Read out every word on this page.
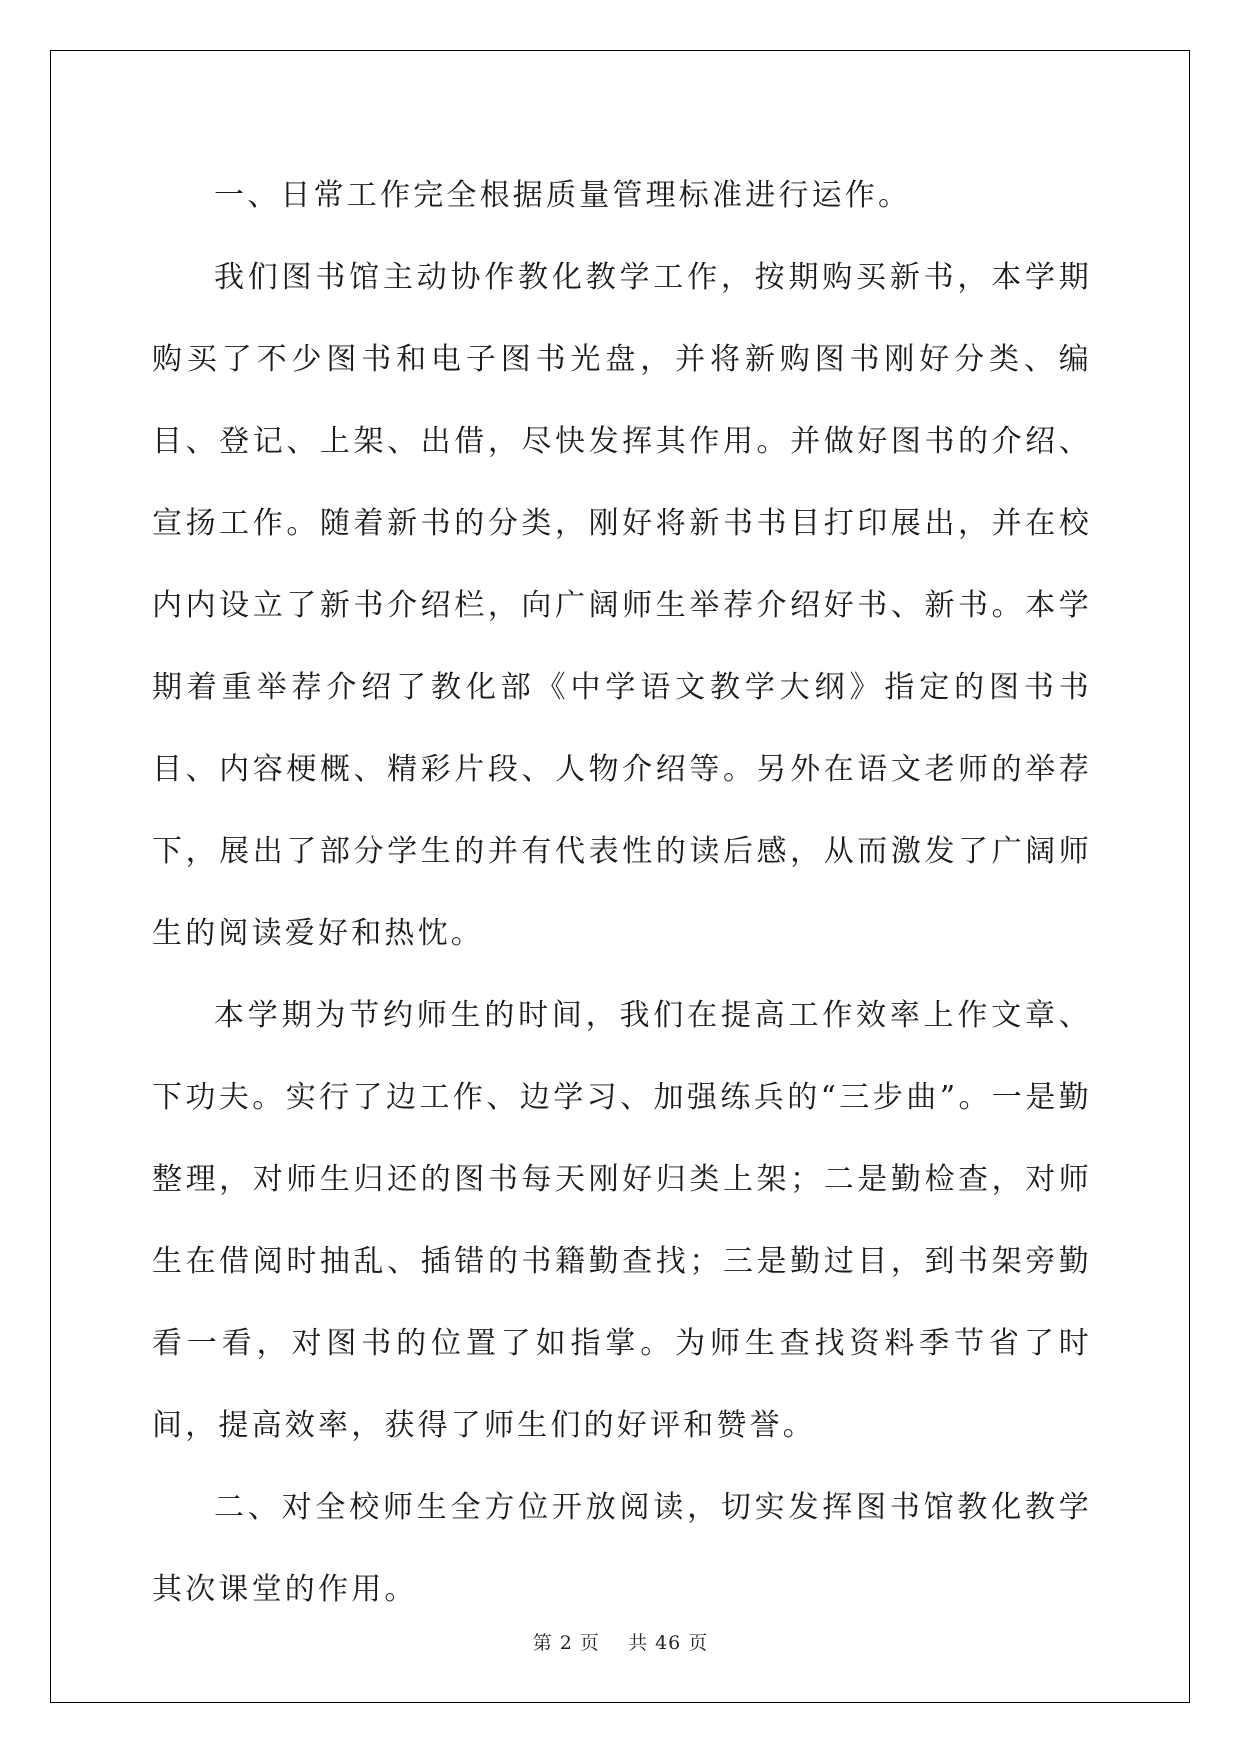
一、日常工作完全根据质量管理标准进行运作。

我们图书馆主动协作教化教学工作，按期购买新书，本学期购买了不少图书和电子图书光盘，并将新购图书刚好分类、编目、登记、上架、出借，尽快发挥其作用。并做好图书的介绍、宣扬工作。随着新书的分类，刚好将新书书目打印展出，并在校内内设立了新书介绍栏，向广阔师生举荐介绍好书、新书。本学期着重举荐介绍了教化部《中学语文教学大纲》指定的图书书目、内容梗概、精彩片段、人物介绍等。另外在语文老师的举荐下，展出了部分学生的并有代表性的读后感，从而激发了广阔师生的阅读爱好和热忱。

本学期为节约师生的时间，我们在提高工作效率上作文章、下功夫。实行了边工作、边学习、加强练兵的“三步曲”。一是勤整理，对师生归还的图书每天刚好归类上架；二是勤检查，对师生在借阅时抽乱、插错的书籍勤查找；三是勤过目，到书架旁勤看一看，对图书的位置了如指掌。为师生查找资料季节省了时间，提高效率，获得了师生们的好评和赞誉。

二、对全校师生全方位开放阅读，切实发挥图书馆教化教学其次课堂的作用。

第 2 页 共 46 页
